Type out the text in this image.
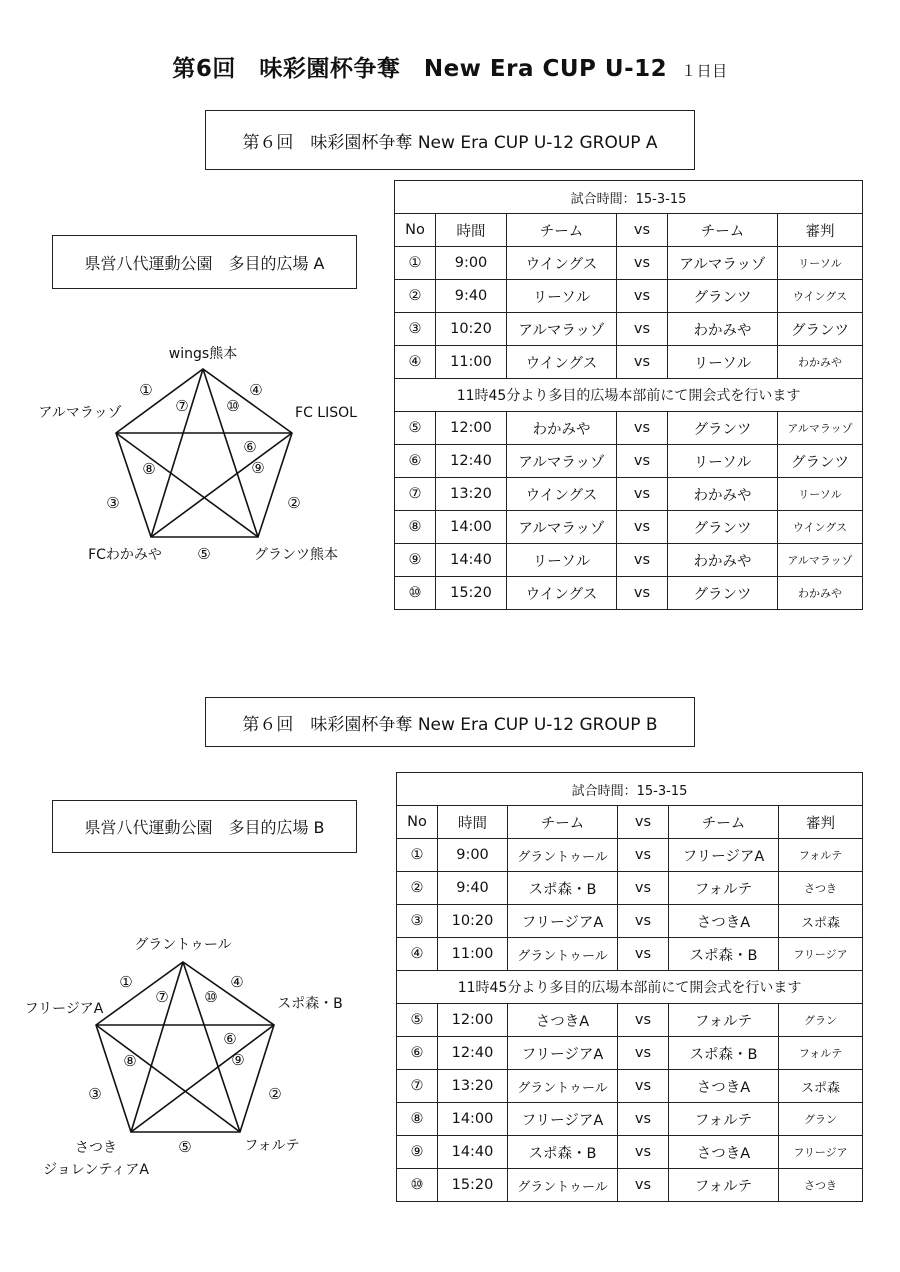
第6回　味彩園杯争奪　New Era CUP U-12 １日目
第６回　味彩園杯争奪 New Era CUP U-12 GROUP A
県営八代運動公園　多目的広場 A
wings熊本
アルマラッゾ	FC LISOL
FCわかみや	グランツ熊本
①	④
③	②
⑤
⑦	⑩
⑥
⑧	⑨
試合時間：15-3-15					
No	時間	チーム	vs	チーム	審判
①	9:00	ウイングス	vs	アルマラッゾ	リーソル
②	9:40	リーソル	vs	グランツ	ウイングス
③	10:20	アルマラッゾ	vs	わかみや	グランツ
④	11:00	ウイングス	vs	リーソル	わかみや
11時45分より多目的広場本部前にて開会式を行います					
⑤	12:00	わかみや	vs	グランツ	アルマラッゾ
⑥	12:40	アルマラッゾ	vs	リーソル	グランツ
⑦	13:20	ウイングス	vs	わかみや	リーソル
⑧	14:00	アルマラッゾ	vs	グランツ	ウイングス
⑨	14:40	リーソル	vs	わかみや	アルマラッゾ
⑩	15:20	ウイングス	vs	グランツ	わかみや
第６回　味彩園杯争奪 New Era CUP U-12 GROUP B
県営八代運動公園　多目的広場 B
グラントゥール
フリージアA	スポ森・B
さつき
ジョレンティアA
フォルテ
①	④
③	②
⑤
⑦ ⑩
⑥
⑧	⑨
試合時間：15-3-15					
No	時間	チーム	vs	チーム	審判
①	9:00	グラントゥール	vs	フリージアA	フォルテ
②	9:40	スポ森・B	vs	フォルテ	さつき
③	10:20	フリージアA	vs	さつきA	スポ森
④	11:00	グラントゥール	vs	スポ森・B	フリージア
11時45分より多目的広場本部前にて開会式を行います					
⑤	12:00	さつきA	vs	フォルテ	グラン
⑥	12:40	フリージアA	vs	スポ森・B	フォルテ
⑦	13:20	グラントゥール	vs	さつきA	スポ森
⑧	14:00	フリージアA	vs	フォルテ	グラン
⑨	14:40	スポ森・B	vs	さつきA	フリージア
⑩	15:20	グラントゥール	vs	フォルテ	さつき
